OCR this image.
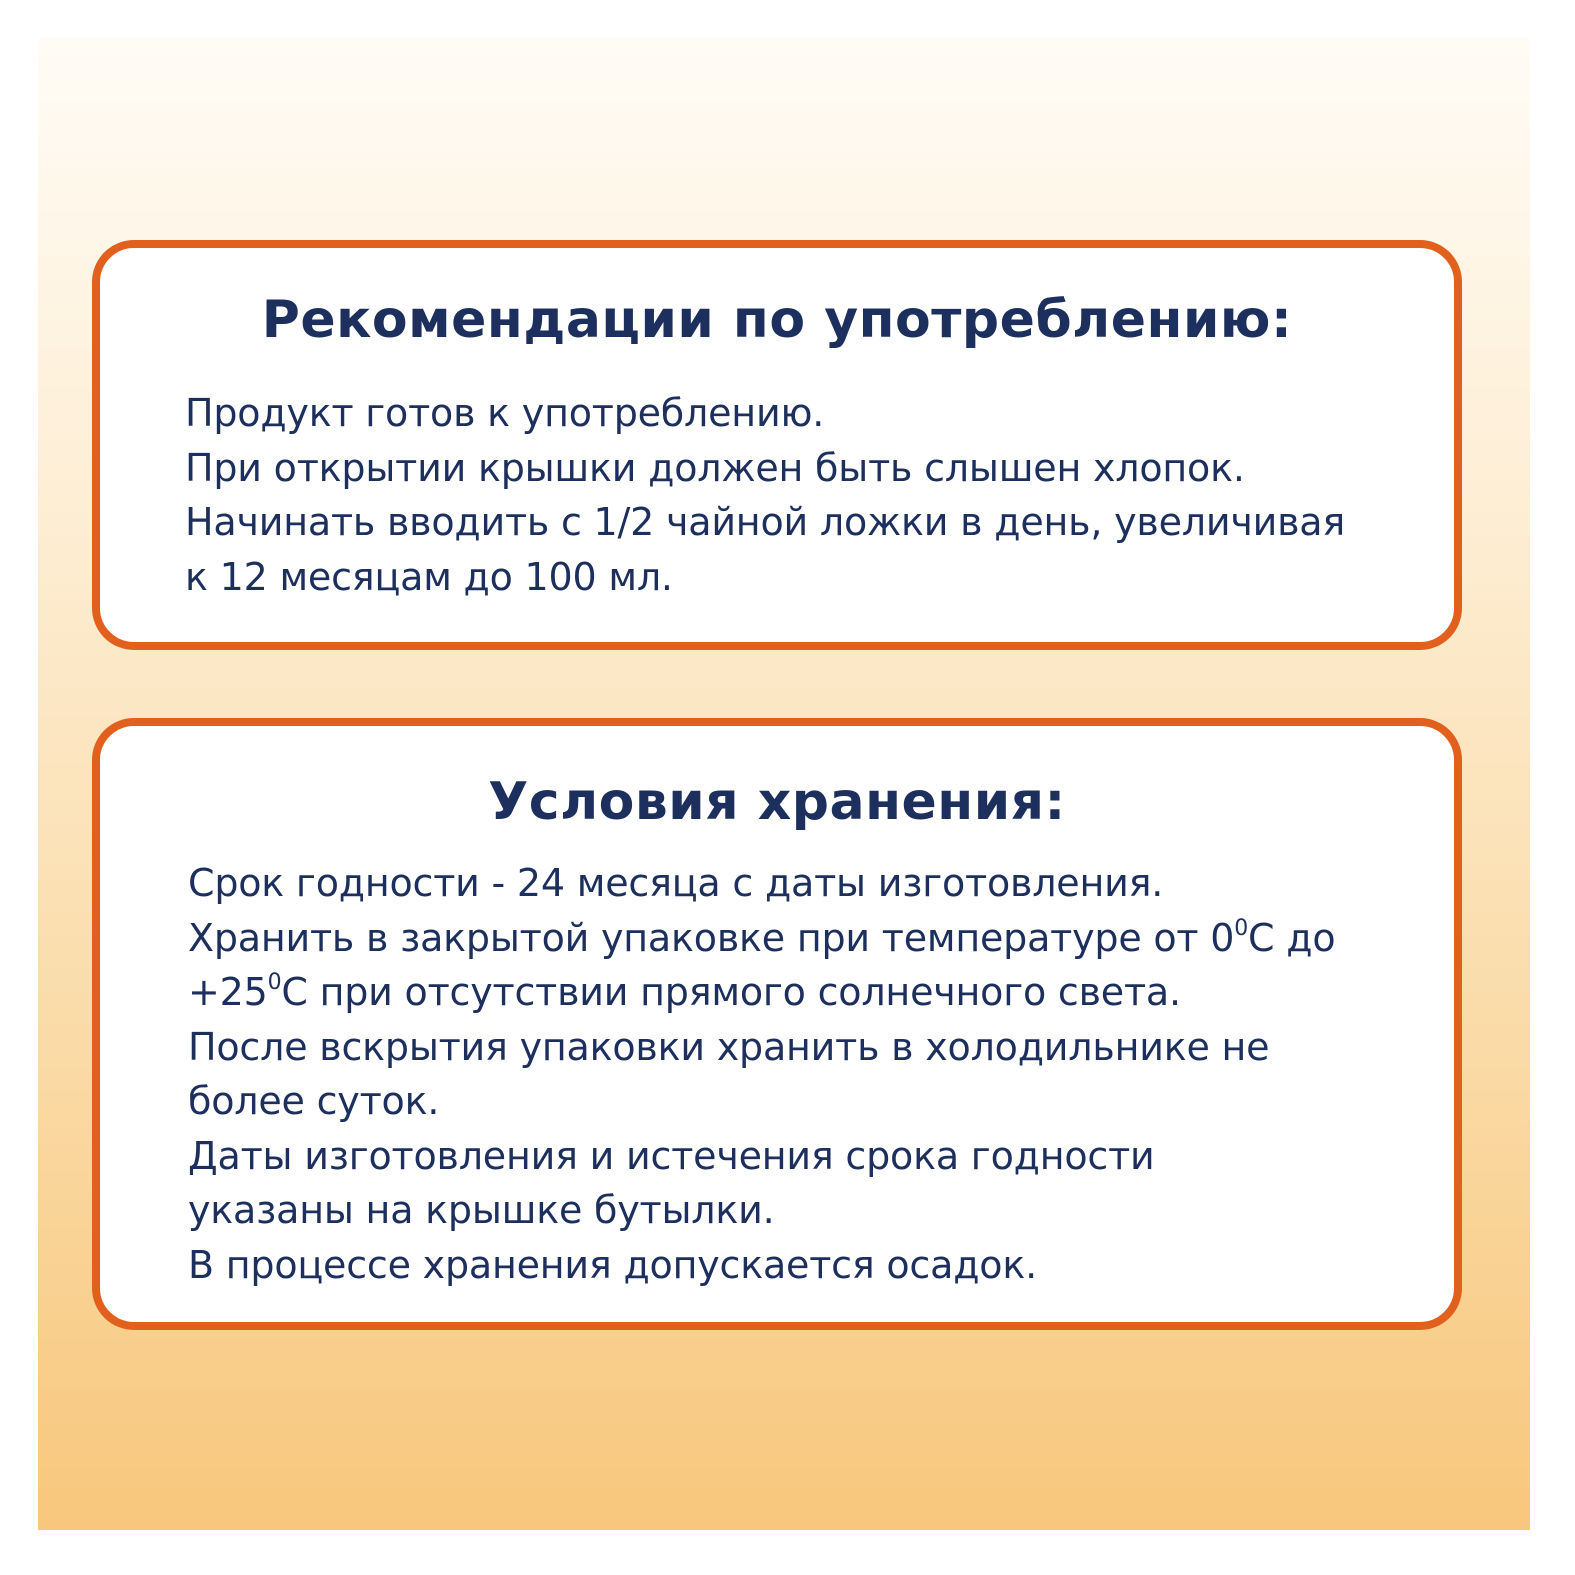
Рекомендации по употреблению:
Продукт готов к употреблению.
При открытии крышки должен быть слышен хлопок.
Начинать вводить с 1/2 чайной ложки в день, увеличивая
к 12 месяцам до 100 мл.
Условия хранения:
Срок годности - 24 месяца с даты изготовления.
Хранить в закрытой упаковке при температуре от $0^0С$ до
$+25^0С$ при отсутствии прямого солнечного света.
После вскрытия упаковки хранить в холодильнике не
более суток.
Даты изготовления и истечения срока годности
указаны на крышке бутылки.
В процессе хранения допускается осадок.
